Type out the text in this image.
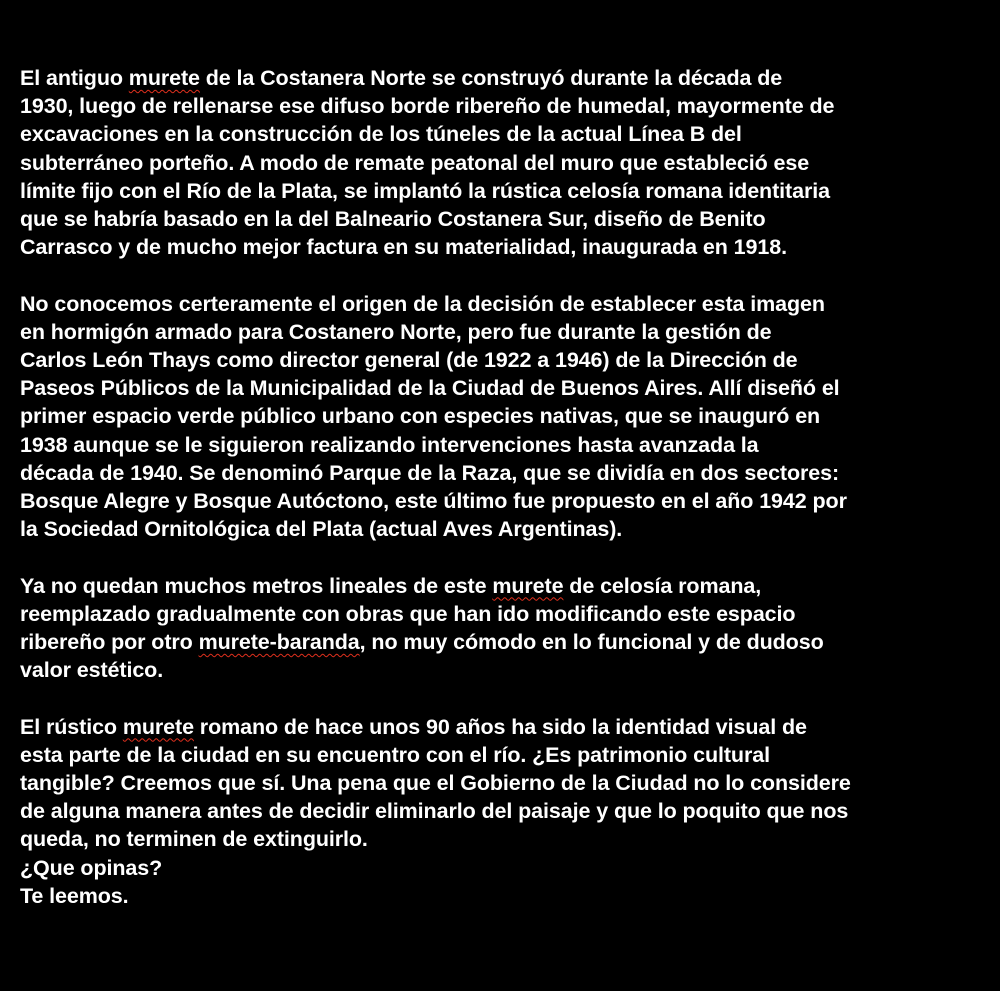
El antiguo murete de la Costanera Norte se construyó durante la década de
1930, luego de rellenarse ese difuso borde ribereño de humedal, mayormente de
excavaciones en la construcción de los túneles de la actual Línea B del
subterráneo porteño. A modo de remate peatonal del muro que estableció ese
límite fijo con el Río de la Plata, se implantó la rústica celosía romana identitaria
que se habría basado en la del Balneario Costanera Sur, diseño de Benito
Carrasco y de mucho mejor factura en su materialidad, inaugurada en 1918.

No conocemos certeramente el origen de la decisión de establecer esta imagen
en hormigón armado para Costanero Norte, pero fue durante la gestión de
Carlos León Thays como director general (de 1922 a 1946) de la Dirección de
Paseos Públicos de la Municipalidad de la Ciudad de Buenos Aires. Allí diseñó el
primer espacio verde público urbano con especies nativas, que se inauguró en
1938 aunque se le siguieron realizando intervenciones hasta avanzada la
década de 1940. Se denominó Parque de la Raza, que se dividía en dos sectores:
Bosque Alegre y Bosque Autóctono, este último fue propuesto en el año 1942 por
la Sociedad Ornitológica del Plata (actual Aves Argentinas).

Ya no quedan muchos metros lineales de este murete de celosía romana,
reemplazado gradualmente con obras que han ido modificando este espacio
ribereño por otro murete-baranda, no muy cómodo en lo funcional y de dudoso
valor estético.

El rústico murete romano de hace unos 90 años ha sido la identidad visual de
esta parte de la ciudad en su encuentro con el río. ¿Es patrimonio cultural
tangible? Creemos que sí. Una pena que el Gobierno de la Ciudad no lo considere
de alguna manera antes de decidir eliminarlo del paisaje y que lo poquito que nos
queda, no terminen de extinguirlo.
¿Que opinas?
Te leemos.
